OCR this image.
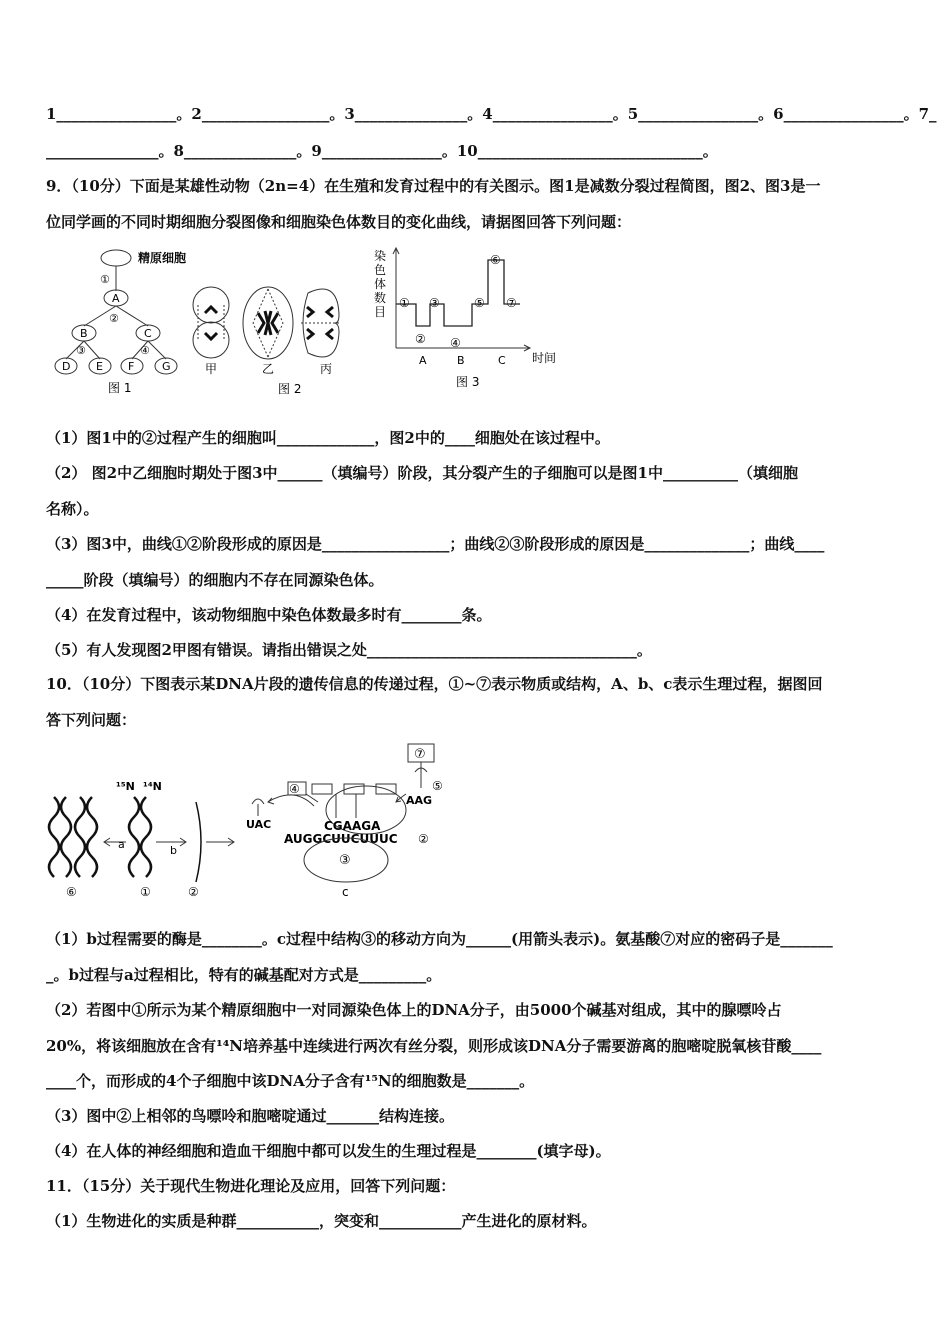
1________________。2_________________。3_______________。4________________。5________________。6________________。7_
_______________。8_______________。9________________。10______________________________。
9．（10分）下面是某雄性动物（2n=4）在生殖和发育过程中的有关图示。图1是减数分裂过程简图，图2、图3是一
位同学画的不同时期细胞分裂图像和细胞染色体数目的变化曲线，请据图回答下列问题：
精原细胞
①
A
②
B	C
③	④
D E F	G
图 1
甲	乙	丙
图 2
染
色
体
数
目
时间
A	B	C
①
②
③
④
⑤
⑥
⑦
图 3
（1）图1中的②过程产生的细胞叫_____________，图2中的____细胞处在该过程中。
（2） 图2中乙细胞时期处于图3中______（填编号）阶段，其分裂产生的子细胞可以是图1中__________（填细胞
名称）。
（3）图3中，曲线①②阶段形成的原因是_________________；曲线②③阶段形成的原因是______________；曲线____
_____阶段（填编号）的细胞内不存在同源染色体。
（4）在发育过程中，该动物细胞中染色体数最多时有________条。
（5）有人发现图2甲图有错误。请指出错误之处____________________________________。
10．（10分）下图表示某DNA片段的遗传信息的传递过程，①~⑦表示物质或结构，A、b、c表示生理过程，据图回
答下列问题：
⑥
a
¹⁵N ¹⁴N
①
b
②
UAC
④
CGAAGA
AUGGCUUCUUUC ②
③
c
⑦
⑤
AAG
（1）b过程需要的酶是________。c过程中结构③的移动方向为______(用箭头表示)。氨基酸⑦对应的密码子是_______
_。b过程与a过程相比，特有的碱基配对方式是_________。
（2）若图中①所示为某个精原细胞中一对同源染色体上的DNA分子，由5000个碱基对组成，其中的腺嘌呤占
20%，将该细胞放在含有¹⁴N培养基中连续进行两次有丝分裂，则形成该DNA分子需要游离的胞嘧啶脱氧核苷酸____
____个，而形成的4个子细胞中该DNA分子含有¹⁵N的细胞数是_______。
（3）图中②上相邻的鸟嘌呤和胞嘧啶通过_______结构连接。
（4）在人体的神经细胞和造血干细胞中都可以发生的生理过程是________(填字母)。
11．（15分）关于现代生物进化理论及应用，回答下列问题：
（1）生物进化的实质是种群___________，突变和___________产生进化的原材料。
